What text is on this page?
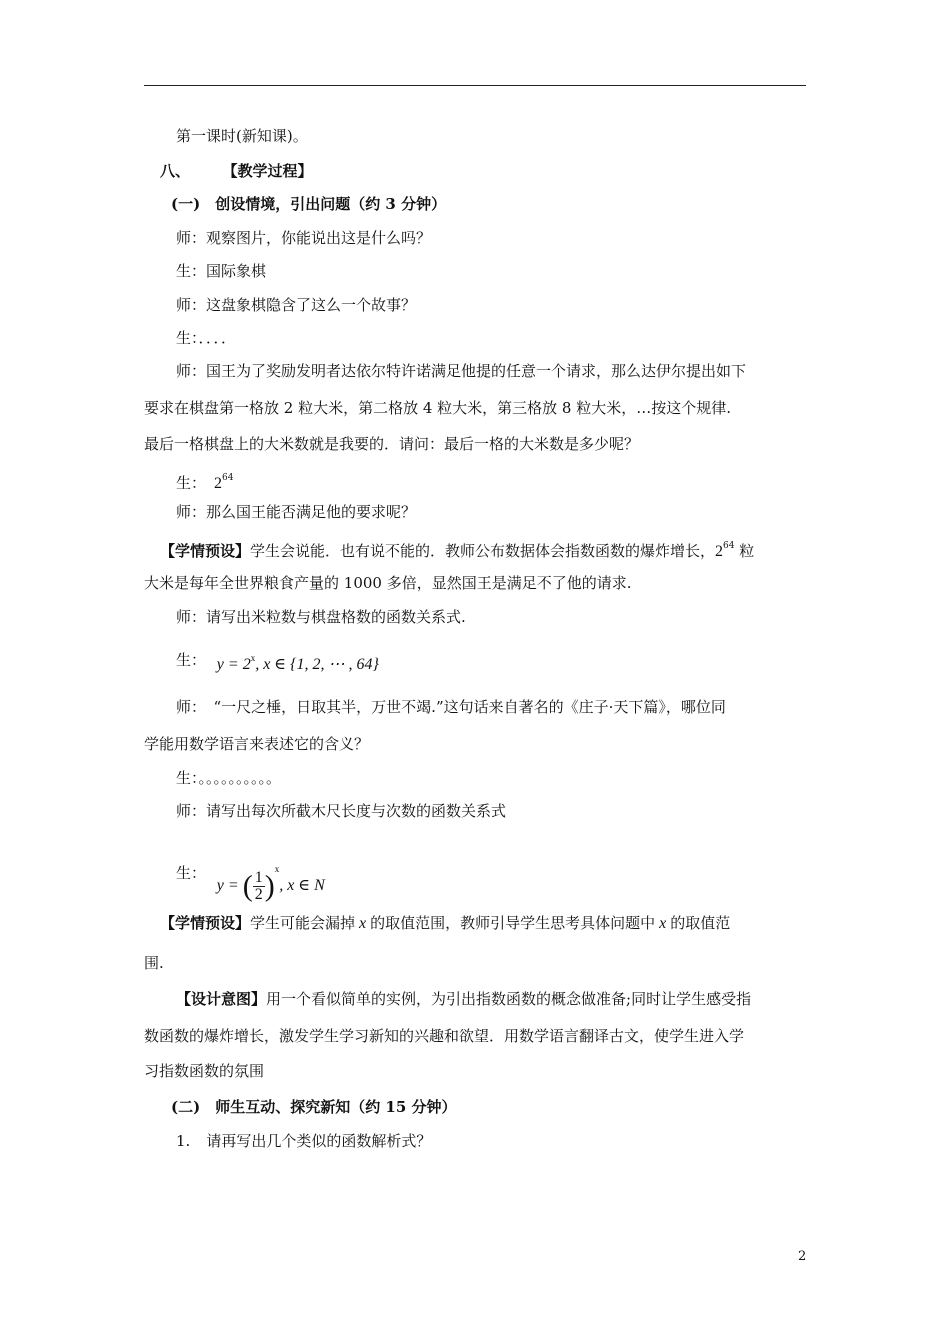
第一课时(新知课)。
八、 【教学过程】
(一)　创设情境，引出问题（约 3 分钟）
师：观察图片，你能说出这是什么吗？
生：国际象棋
师：这盘象棋隐含了这么一个故事？
生：．．．．
师：国王为了奖励发明者达依尔特许诺满足他提的任意一个请求，那么达伊尔提出如下
要求在棋盘第一格放 2 粒大米，第二格放 4 粒大米，第三格放 8 粒大米，…按这个规律.
最后一格棋盘上的大米数就是我要的．请问：最后一格的大米数是多少呢？
生： $2^{64}$
师：那么国王能否满足他的要求呢？
【学情预设】学生会说能．也有说不能的．教师公布数据体会指数函数的爆炸增长，$2^{64}$ 粒
大米是每年全世界粮食产量的 1000 多倍，显然国王是满足不了他的请求.
师：请写出米粒数与棋盘格数的函数关系式.
生： $y = 2^x$, x ∈ {1, 2, ⋯ , 64}
师：　“一尺之棰，日取其半，万世不竭.”这句话来自著名的《庄子·天下篇》，哪位同
学能用数学语言来表述它的含义？
生：。。。。。。。。。。
师：请写出每次所截木尺长度与次数的函数关系式
生： y = ( $\frac{1}{2} )^x$, x ∈ N
【学情预设】学生可能会漏掉 x 的取值范围，教师引导学生思考具体问题中 x 的取值范
围.
【设计意图】用一个看似简单的实例，为引出指数函数的概念做准备;同时让学生感受指
数函数的爆炸增长，激发学生学习新知的兴趣和欲望．用数学语言翻译古文，使学生进入学
习指数函数的氛围
(二)　师生互动、探究新知（约 15 分钟）
1. 请再写出几个类似的函数解析式？
2
